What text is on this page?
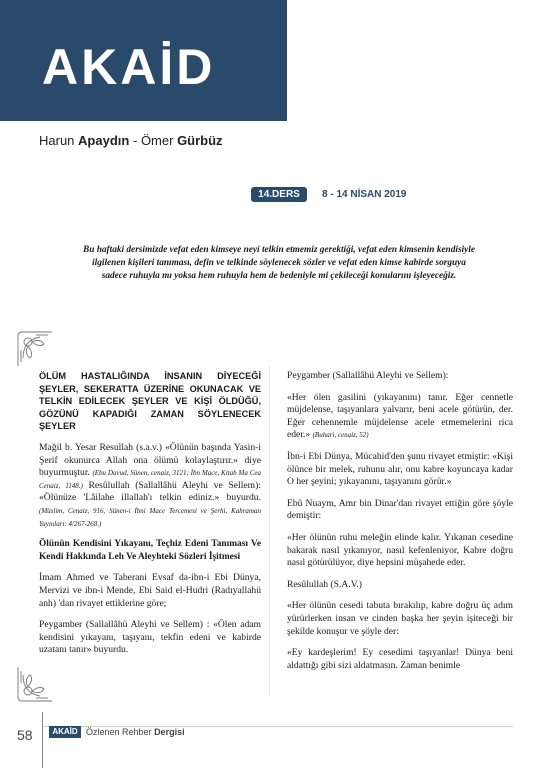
AKAİD
Harun Apaydın - Ömer Gürbüz
14.DERS	8 - 14 NİSAN 2019
Bu haftaki dersimizde vefat eden kimseye neyi telkin etmemiz gerektiği, vefat eden kimsenin kendisiyle ilgilenen kişileri tanıması, defin ve telkinde söylenecek sözler ve vefat eden kimse kabirde sorguya sadece ruhuyla mı yoksa hem ruhuyla hem de bedeniyle mi çekileceği konularını işleyeceğiz.

ÖLÜM HASTALIĞINDA İNSANIN DİYECEĞİ ŞEYLER, SEKERATTA ÜZERİNE OKUNACAK VE TELKİN EDİLECEK ŞEYLER VE KİŞİ ÖLDÜĞÜ, GÖZÜNÜ KAPADIĞI ZAMAN SÖYLENECEK ŞEYLER

Mağil b. Yesar Resullah (s.a.v.) «Ölünün başında Yasin-i Şerif okunurca Allah ona ölümü kolaylaştırır.» diye buyurmuştur. (Ebu Davud, Sünen, cenaiz, 3121; İbn Mace, Kitab Ma Cea Cenaiz, 1148.) Resûlullah (Sallallâhü Aleyhi ve Sellem): «Ölünüze 'Lâilahe illallah'ı telkin ediniz.» buyurdu. (Müslim, Cenaiz, 916, Sünen-i İbni Mace Tercemesi ve Şerhi, Kahraman Yayınları: 4/267-268.)

Ölünün Kendisini Yıkayanı, Teçhiz Edeni Tanıması Ve Kendi Hakkında Leh Ve Aleyhteki Sözleri İşitmesi

İmam Ahmed ve Taberani Evsaf da-ibn-i Ebi Dünya, Mervizi ve ibn-i Mende, Ebi Said el-Hudri (Radıyallahü anh) 'dan rivayet ettiklerine göre;

Peygamber (Sallallâhü Aleyhi ve Sellem) : «Ölen adam kendisini yıkayanı, taşıyanı, tekfin edeni ve kabirde uzatanı tanır» buyurdu.

Peygamber (Sallallâhü Aleyhi ve Sellem):

«Her ölen gasilini (yıkayanını) tanır. Eğer cennetle müjdelense, taşıyanlara yalvarır, beni acele götürün, der. Eğer cehennemle müjdelense acele etmemelerini rica eder.» (Buhari, cenaiz, 52)

İbn-i Ebi Dünya, Mücahid'den şunu rivayet etmiştir: «Kişi ölünce bir melek, ruhunu alır, onu kabre koyuncaya kadar O her şeyini; yıkayanını, taşıyanını görür.»

Ebû Nuaym, Amr bin Dinar'dan rivayet ettiğin göre şöyle demiştir:

«Her ölünün ruhu meleğin elinde kalır. Yıkanan cesedine bakarak nasıl yıkanıyor, nasıl kefenleniyor, Kabre doğru nasıl götürülüyor, diye hepsini müşahede eder.

Resûlullah (S.A.V.)

«Her ölünün cesedi tabuta bırakılıp, kabre doğru üç adım yürürlerken insan ve cinden başka her şeyin işiteceği bir şekilde konuşur ve şöyle der:

«Ey kardeşlerim! Ey cesedimi taşıyanlar! Dünya beni aldattığı gibi sizi aldatmasın. Zaman benimle

58	AKAİD Özlenen Rehber Dergisi
